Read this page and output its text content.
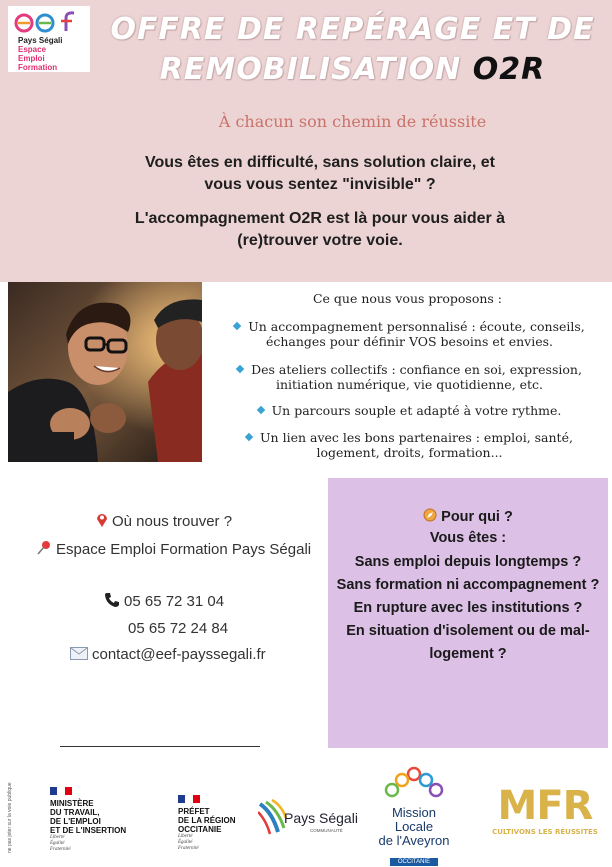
Pays Ségali
Espace
Emploi
Formation
OFFRE DE REPÉRAGE ET DE
REMOBILISATION O2R
À chacun son chemin de réussite
Vous êtes en difficulté, sans solution claire, et
vous vous sentez "invisible" ?
L'accompagnement O2R est là pour vous aider à
(re)trouver votre voie.
Ce que nous vous proposons :
Un accompagnement personnalisé : écoute, conseils,
échanges pour définir VOS besoins et envies.
Des ateliers collectifs : confiance en soi, expression,
initiation numérique, vie quotidienne, etc.
Un parcours souple et adapté à votre rythme.
Un lien avec les bons partenaires : emploi, santé,
logement, droits, formation...
Où nous trouver ?
Espace Emploi Formation Pays Ségali
05 65 72 31 04
05 65 72 24 84
contact@eef-payssegali.fr
Pour qui ?
Vous êtes :
Sans emploi depuis longtemps ?
Sans formation ni accompagnement ?
En rupture avec les institutions ?
En situation d'isolement ou de mal-
logement ?
ne pas jeter sur la voie publique	MINISTÈRE
DU TRAVAIL,
DE L'EMPLOI
ET DE L'INSERTION
Liberté
Égalité
Fraternité
PRÉFET
DE LA RÉGION
OCCITANIE
Liberté
Égalité
Fraternité
Pays Ségali
COMMUNAUTÉ
Mission Locale
de l'Aveyron
OCCITANIE
MFR
CULTIVONS LES RÉUSSITES
